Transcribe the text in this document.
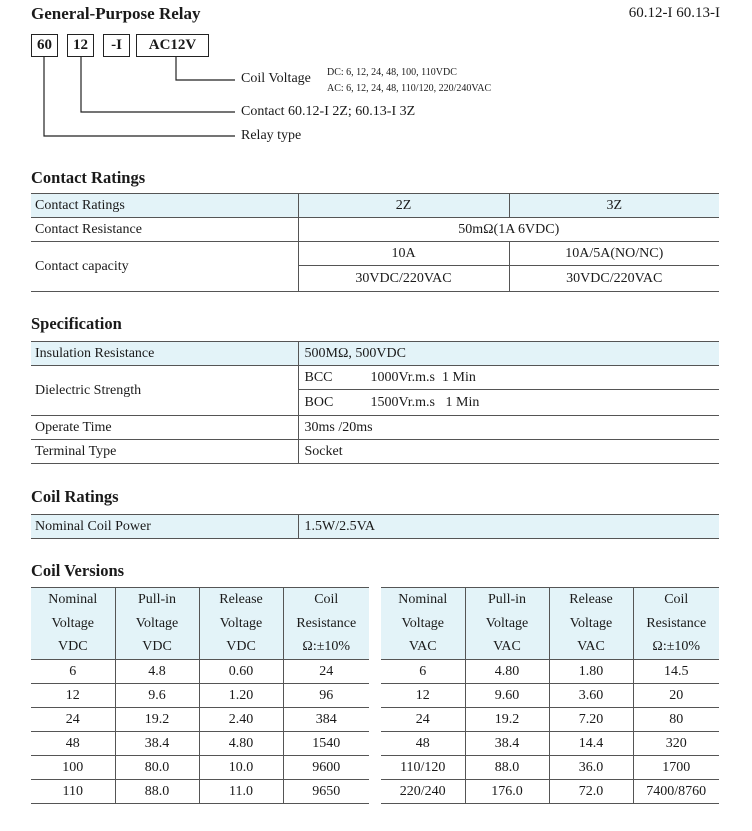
General-Purpose Relay	60.12-I 60.13-I
60	12	-I	AC12V
Coil Voltage DC: 6, 12, 24, 48, 100, 110VDC
AC: 6, 12, 24, 48, 110/120, 220/240VAC
Contact 60.12-I 2Z; 60.13-I 3Z
Relay type
Contact Ratings
Contact Ratings	2Z	3Z
Contact Resistance	50mΩ(1A 6VDC)	
Contact capacity	10A	10A/5A(NO/NC)
	30VDC/220VAC	30VDC/220VAC
Specification
Insulation Resistance	500MΩ, 500VDC
Dielectric Strength	BCC 1000Vr.m.s  1 Min
	BOC 1500Vr.m.s   1 Min
Operate Time	30ms /20ms
Terminal Type	Socket
Coil Ratings
Nominal Coil Power	1.5W/2.5VA
Coil Versions
Nominal	Pull-in	Release	Coil
Voltage	Voltage	Voltage	Resistance
VDC	VDC	VDC	Ω:±10%
6	4.8	0.60	24
12	9.6	1.20	96
24	19.2	2.40	384
48	38.4	4.80	1540
100	80.0	10.0	9600
110	88.0	11.0	9650
Nominal	Pull-in	Release	Coil
Voltage	Voltage	Voltage	Resistance
VAC	VAC	VAC	Ω:±10%
6	4.80	1.80	14.5
12	9.60	3.60	20
24	19.2	7.20	80
48	38.4	14.4	320
110/120	88.0	36.0	1700
220/240	176.0	72.0	7400/8760
